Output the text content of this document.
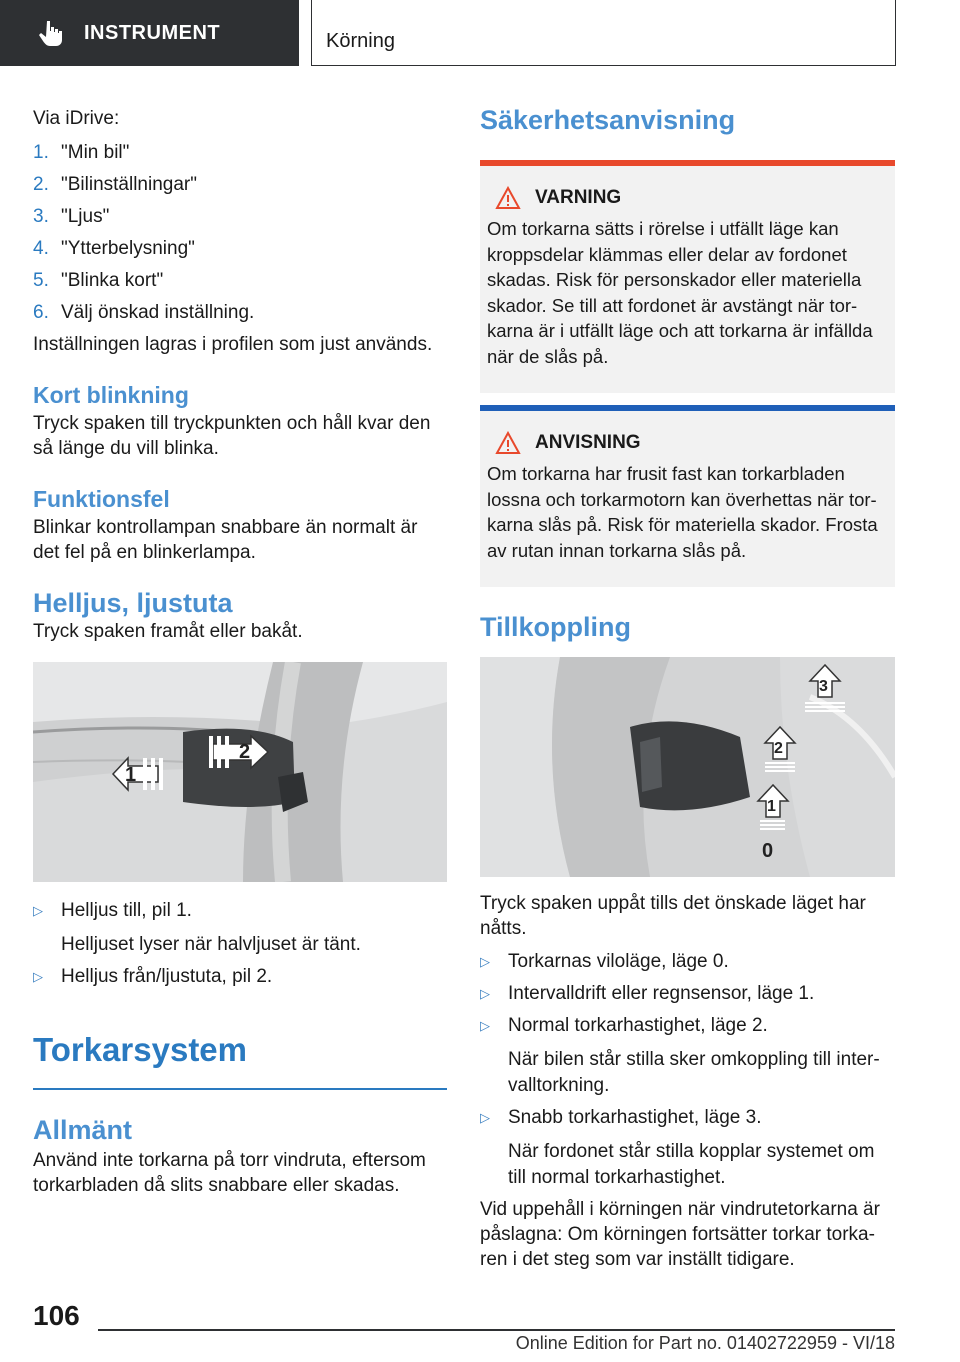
INSTRUMENT	Körning
Via iDrive:
1. "Min bil"
2. "Bilinställningar"
3. "Ljus"
4. "Ytterbelysning"
5. "Blinka kort"
6. Välj önskad inställning.
Inställningen lagras i profilen som just används.
Kort blinkning
Tryck spaken till tryckpunkten och håll kvar den så länge du vill blinka.
Funktionsfel
Blinkar kontrollampan snabbare än normalt är det fel på en blinkerlampa.
Helljus, ljustuta
Tryck spaken framåt eller bakåt.
1
2
▷ Helljus till, pil 1.
Helljuset lyser när halvljuset är tänt.
▷ Helljus från/ljustuta, pil 2.
Torkarsystem
Allmänt
Använd inte torkarna på torr vindruta, eftersom torkarbladen då slits snabbare eller skadas.
Säkerhetsanvisning
VARNING
Om torkarna sätts i rörelse i utfällt läge kan kroppsdelar klämmas eller delar av fordonet skadas. Risk för personskador eller materiella skador. Se till att fordonet är avstängt när tor-karna är i utfällt läge och att torkarna är infällda när de slås på.
ANVISNING
Om torkarna har frusit fast kan torkarbladen lossna och torkarmotorn kan överhettas när tor-karna slås på. Risk för materiella skador. Frosta av rutan innan torkarna slås på.
Tillkoppling
3
2
1
0
Tryck spaken uppåt tills det önskade läget har nåtts.
▷ Torkarnas viloläge, läge 0.
▷ Intervalldrift eller regnsensor, läge 1.
▷ Normal torkarhastighet, läge 2.
När bilen står stilla sker omkoppling till inter-valltorkning.
▷ Snabb torkarhastighet, läge 3.
När fordonet står stilla kopplar systemet om till normal torkarhastighet.
Vid uppehåll i körningen när vindrutetorkarna är påslagna: Om körningen fortsätter torkar torka-ren i det steg som var inställt tidigare.
106
Online Edition for Part no. 01402722959 - VI/18
